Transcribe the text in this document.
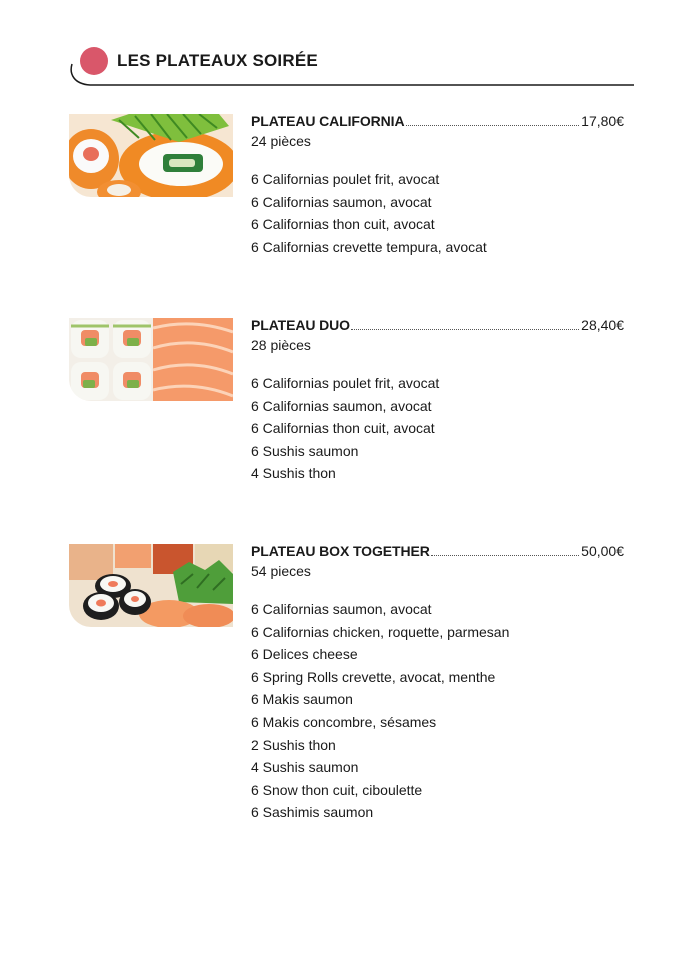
LES PLATEAUX SOIRÉE
PLATEAU CALIFORNIA	17,80€
24 pièces
6 Californias poulet frit, avocat
6 Californias saumon, avocat
6 Californias thon cuit, avocat
6 Californias crevette tempura, avocat
PLATEAU DUO	28,40€
28 pièces
6 Californias poulet frit, avocat
6 Californias saumon, avocat
6 Californias thon cuit, avocat
6 Sushis saumon
4 Sushis thon
PLATEAU BOX TOGETHER	50,00€
54 pieces
6 Californias saumon, avocat
6 Californias chicken, roquette, parmesan
6 Delices cheese
6 Spring Rolls crevette, avocat, menthe
6 Makis saumon
6 Makis concombre, sésames
2 Sushis thon
4 Sushis saumon
6 Snow thon cuit, ciboulette
6 Sashimis saumon
